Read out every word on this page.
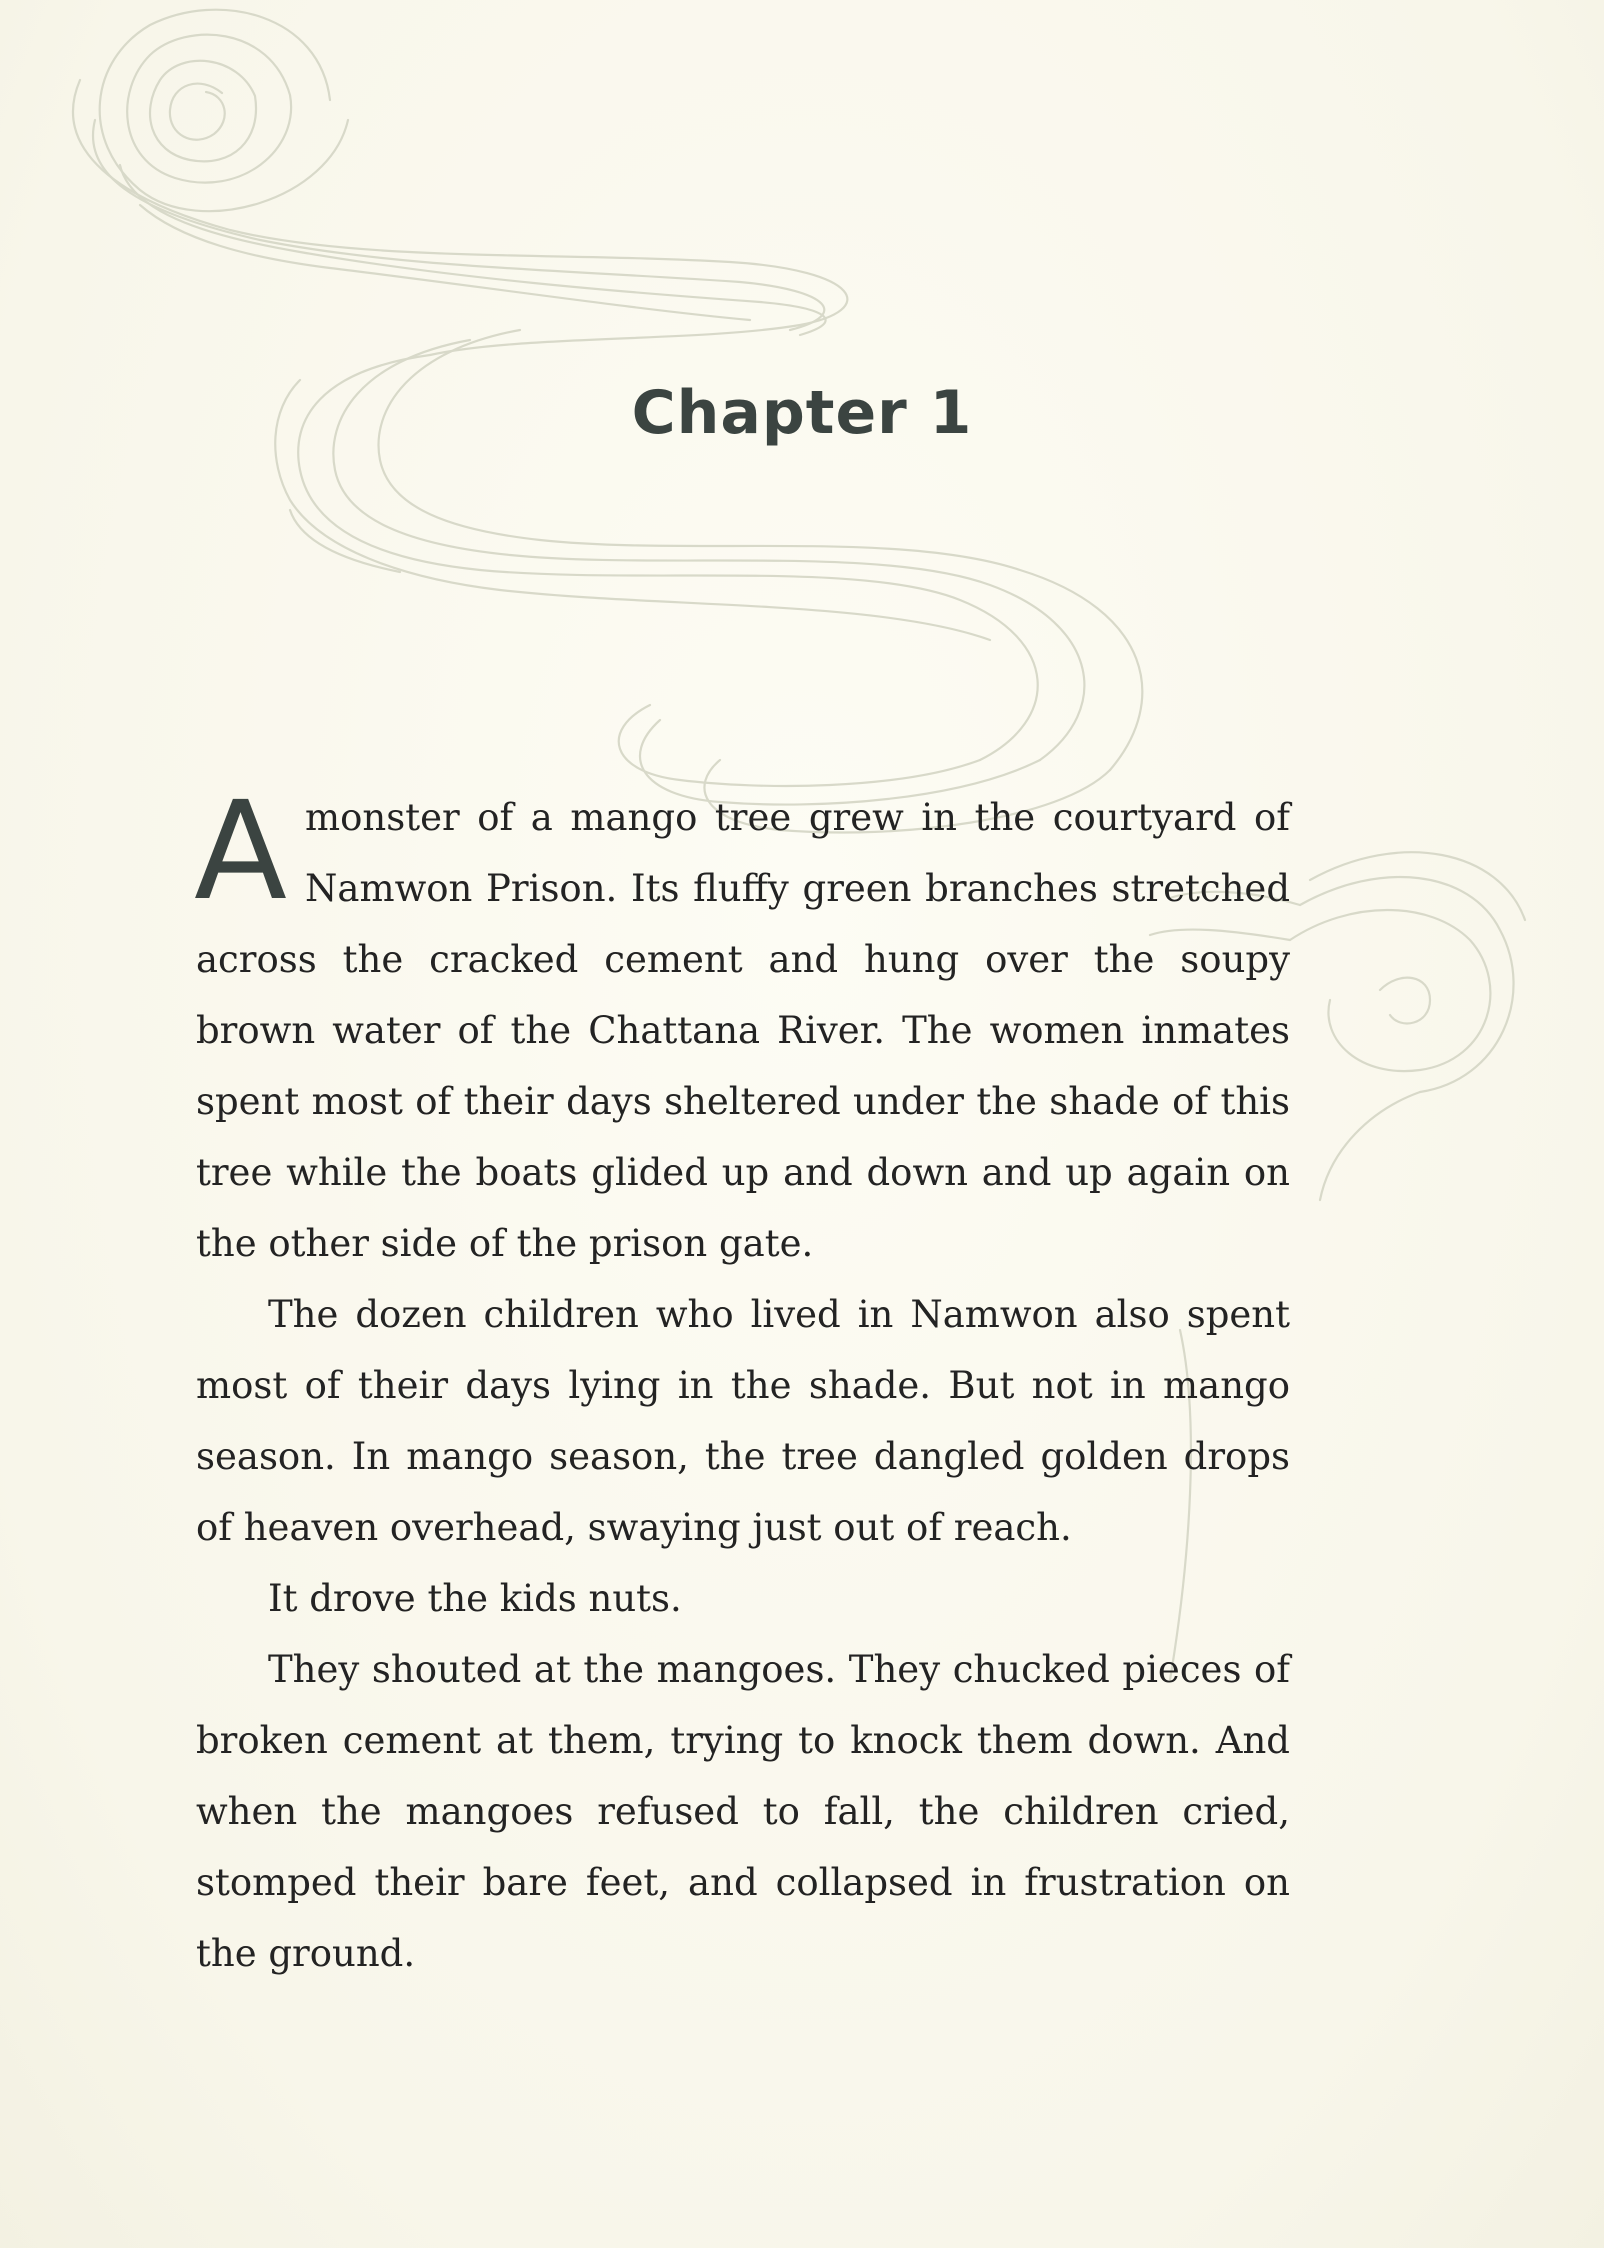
Chapter 1

A monster of a mango tree grew in the courtyard of Namwon Prison. Its fluffy green branches stretched across the cracked cement and hung over the soupy brown water of the Chattana River. The women inmates spent most of their days sheltered under the shade of this tree while the boats glided up and down and up again on the other side of the prison gate.

The dozen children who lived in Namwon also spent most of their days lying in the shade. But not in mango season. In mango season, the tree dangled golden drops of heaven overhead, swaying just out of reach.

It drove the kids nuts.

They shouted at the mangoes. They chucked pieces of broken cement at them, trying to knock them down. And when the mangoes refused to fall, the children cried, stomped their bare feet, and collapsed in frustration on the ground.
